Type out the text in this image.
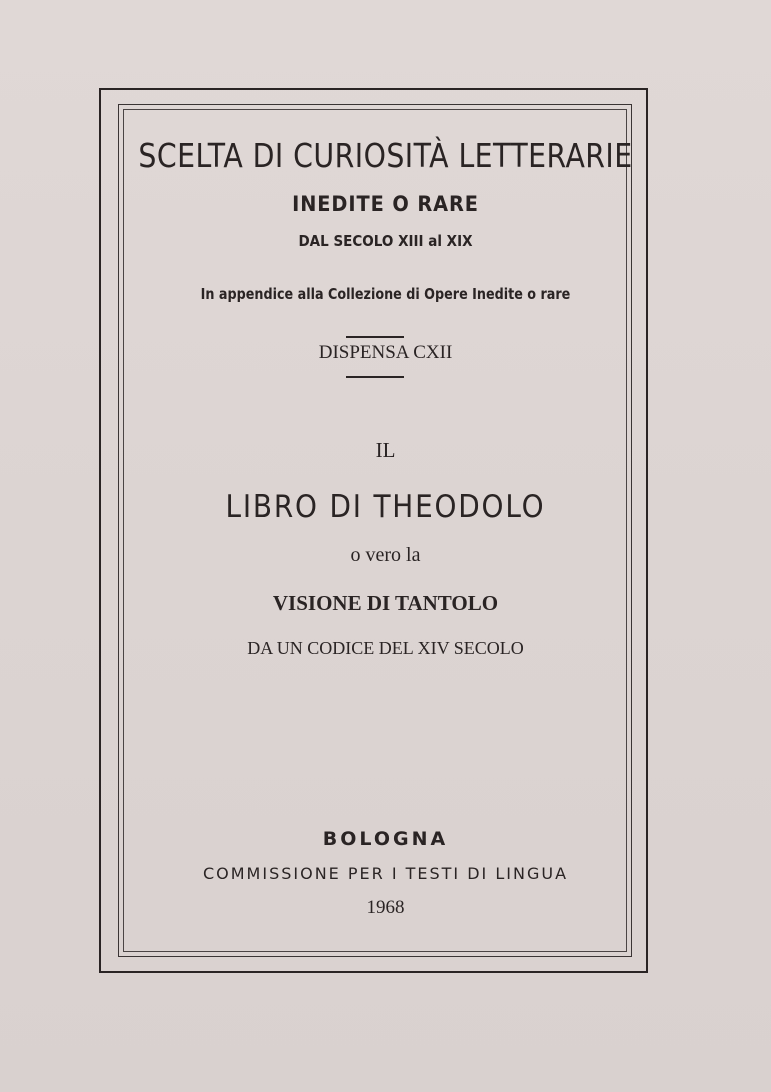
SCELTA DI CURIOSITÀ LETTERARIE
INEDITE O RARE
DAL SECOLO XIII al XIX
In appendice alla Collezione di Opere Inedite o rare
DISPENSA CXII
IL
LIBRO DI THEODOLO
o vero la
VISIONE DI TANTOLO
DA UN CODICE DEL XIV SECOLO
BOLOGNA
COMMISSIONE PER I TESTI DI LINGUA
1968
